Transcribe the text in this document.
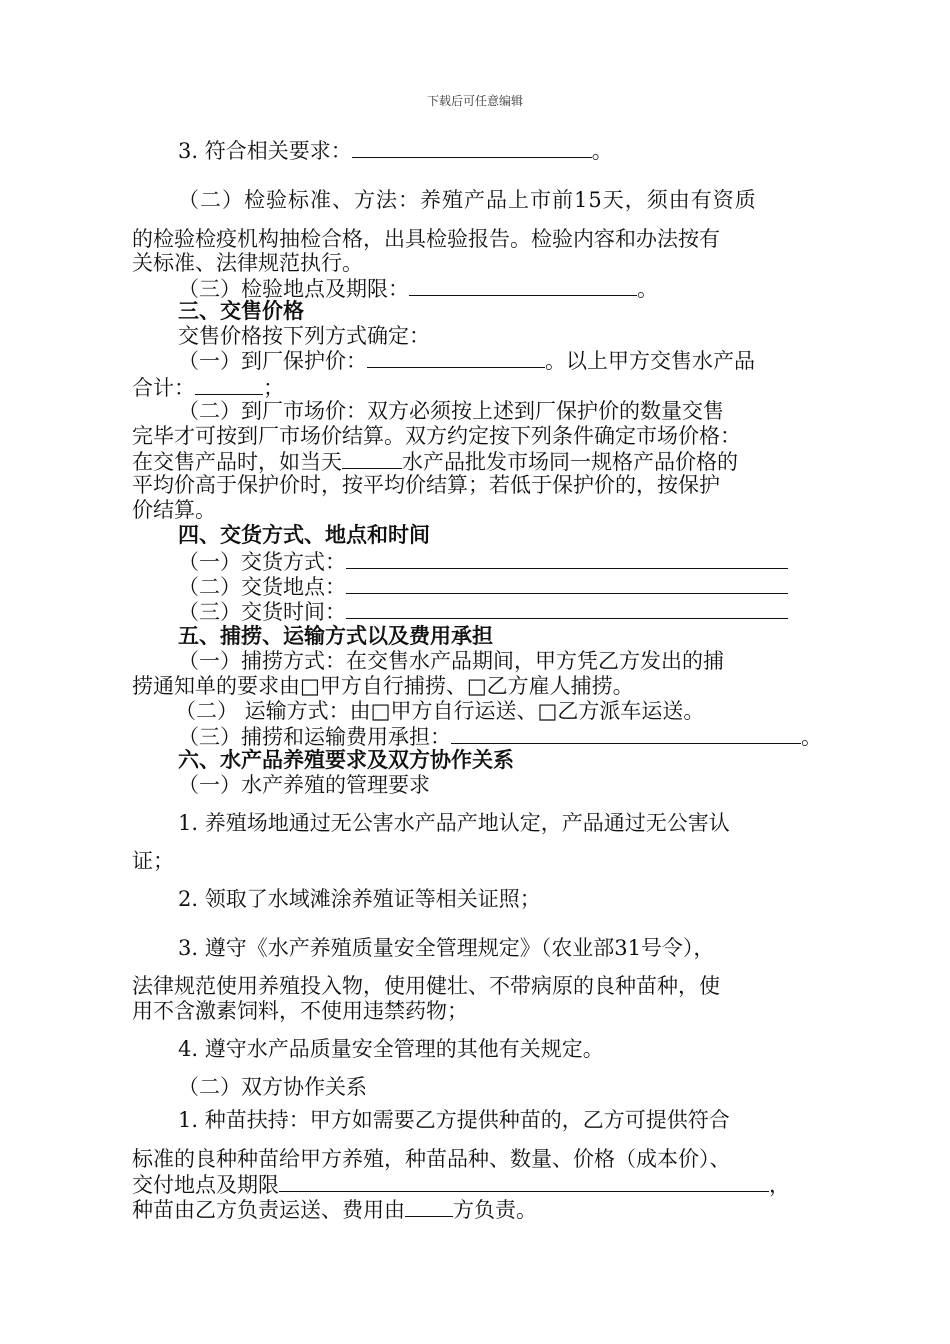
下载后可任意编辑
3. 符合相关要求：	。
（二）检验标准、方法：养殖产品上市前15天，须由有资质
的检验检疫机构抽检合格，出具检验报告。检验内容和办法按有
关标准、法律规范执行。
（三）检验地点及期限：	。
三、交售价格
交售价格按下列方式确定：
（一）到厂保护价：	。以上甲方交售水产品
合计：	；
（二）到厂市场价：双方必须按上述到厂保护价的数量交售
完毕才可按到厂市场价结算。双方约定按下列条件确定市场价格：
在交售产品时，如当天	水产品批发市场同一规格产品价格的
平均价高于保护价时，按平均价结算；若低于保护价的，按保护
价结算。
四、交货方式、地点和时间
（一）交货方式：
（二）交货地点：
（三）交货时间：
五、捕捞、运输方式以及费用承担
（一）捕捞方式：在交售水产品期间，甲方凭乙方发出的捕
捞通知单的要求由□甲方自行捕捞、□乙方雇人捕捞。
（二） 运输方式：由□甲方自行运送、□乙方派车运送。
（三）捕捞和运输费用承担：	。
六、水产品养殖要求及双方协作关系
（一）水产养殖的管理要求
1. 养殖场地通过无公害水产品产地认定，产品通过无公害认
证；
2. 领取了水域滩涂养殖证等相关证照；
3. 遵守《水产养殖质量安全管理规定》（农业部31号令），
法律规范使用养殖投入物，使用健壮、不带病原的良种苗种，使
用不含激素饲料，不使用违禁药物；
4. 遵守水产品质量安全管理的其他有关规定。
（二）双方协作关系
1. 种苗扶持：甲方如需要乙方提供种苗的，乙方可提供符合
标准的良种种苗给甲方养殖，种苗品种、数量、价格（成本价）、
交付地点及期限	，
种苗由乙方负责运送、费用由 方负责。
